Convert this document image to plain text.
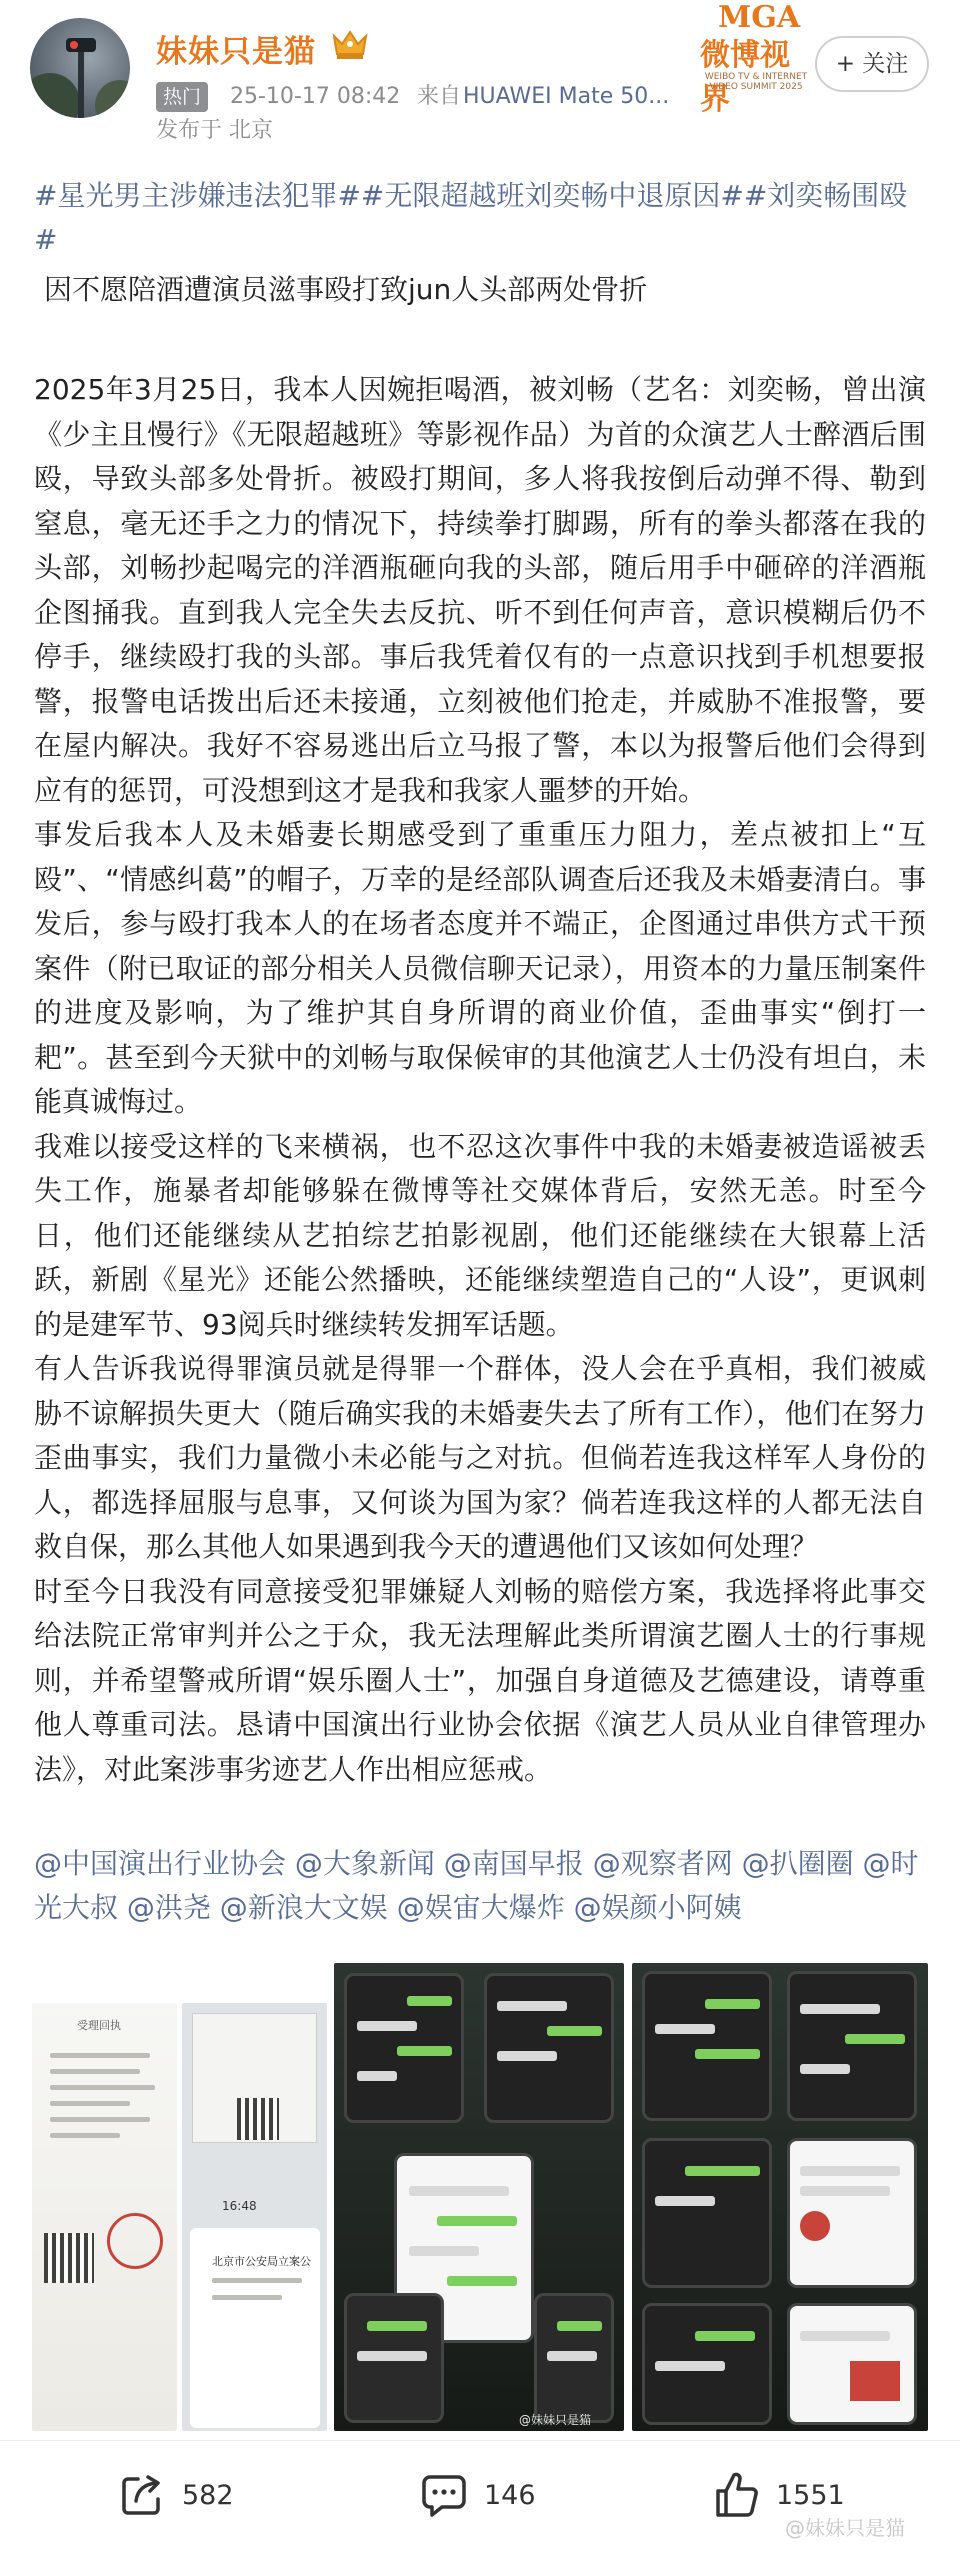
妹妹只是猫
热门	25-10-17 08:42 来自 HUAWEI Mate 50...
发布于 北京
MGA
微博视界
WEIBO TV & INTERNET VIDEO SUMMIT 2025
+ 关注
#星光男主涉嫌违法犯罪##无限超越班刘奕畅中退原因##刘奕畅围殴#
因不愿陪酒遭演员滋事殴打致jun人头部两处骨折
2025年3月25日，我本人因婉拒喝酒，被刘畅（艺名：刘奕畅，曾出演《少主且慢行》《无限超越班》等影视作品）为首的众演艺人士醉酒后围殴，导致头部多处骨折。被殴打期间，多人将我按倒后动弹不得、勒到窒息，毫无还手之力的情况下，持续拳打脚踢，所有的拳头都落在我的头部，刘畅抄起喝完的洋酒瓶砸向我的头部，随后用手中砸碎的洋酒瓶企图捅我。直到我人完全失去反抗、听不到任何声音，意识模糊后仍不停手，继续殴打我的头部。事后我凭着仅有的一点意识找到手机想要报警，报警电话拨出后还未接通，立刻被他们抢走，并威胁不准报警，要在屋内解决。我好不容易逃出后立马报了警，本以为报警后他们会得到应有的惩罚，可没想到这才是我和我家人噩梦的开始。
事发后我本人及未婚妻长期感受到了重重压力阻力，差点被扣上“互殴”、“情感纠葛”的帽子，万幸的是经部队调查后还我及未婚妻清白。事发后，参与殴打我本人的在场者态度并不端正，企图通过串供方式干预案件（附已取证的部分相关人员微信聊天记录），用资本的力量压制案件的进度及影响，为了维护其自身所谓的商业价值，歪曲事实“倒打一耙”。甚至到今天狱中的刘畅与取保候审的其他演艺人士仍没有坦白，未能真诚悔过。
我难以接受这样的飞来横祸，也不忍这次事件中我的未婚妻被造谣被丢失工作，施暴者却能够躲在微博等社交媒体背后，安然无恙。时至今日，他们还能继续从艺拍综艺拍影视剧，他们还能继续在大银幕上活跃，新剧《星光》还能公然播映，还能继续塑造自己的“人设”，更讽刺的是建军节、93阅兵时继续转发拥军话题。
有人告诉我说得罪演员就是得罪一个群体，没人会在乎真相，我们被威胁不谅解损失更大（随后确实我的未婚妻失去了所有工作），他们在努力歪曲事实，我们力量微小未必能与之对抗。但倘若连我这样军人身份的人，都选择屈服与息事，又何谈为国为家？倘若连我这样的人都无法自救自保，那么其他人如果遇到我今天的遭遇他们又该如何处理？
时至今日我没有同意接受犯罪嫌疑人刘畅的赔偿方案，我选择将此事交给法院正常审判并公之于众，我无法理解此类所谓演艺圈人士的行事规则，并希望警戒所谓“娱乐圈人士”，加强自身道德及艺德建设，请尊重他人尊重司法。恳请中国演出行业协会依据《演艺人员从业自律管理办法》，对此案涉事劣迹艺人作出相应惩戒。
@中国演出行业协会 @大象新闻 @南国早报 @观察者网 @扒圈圈 @时光大叔 @洪尧 @新浪大文娱 @娱宙大爆炸 @娱颜小阿姨
受理回执
16:48
北京市公安局立案公
@妹妹只是猫
582	146	1551
@妹妹只是猫
